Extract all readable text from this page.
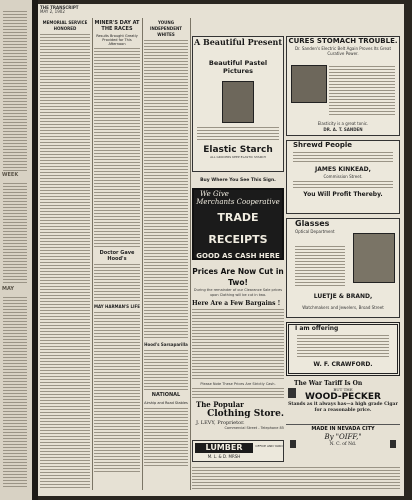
WEEK
MAY
THE TRANSCRIPT
MAY 2, 1902
MEMORIAL SERVICE HONORED
MINER'S DAY AT THE RACES
Results Brought Greatly Provided for This Afternoon
Doctor Gave Hood's
MAY HARMAN'S LIFE
YOUNG INDEPENDENT WHITES
Hood's Sarsaparilla
NATIONAL
Airship and Road Stables
A Beautiful Present
Beautiful Pastel Pictures
Elastic Starch
ALL GROCERS KEEP ELASTIC STARCH
CURES STOMACH TROUBLE.
Dr. Sanden's Electric Belt Again Proves Its Great Curative Power.
Elasticity is a great tonic.
DR. A. T. SANDEN
Shrewd People
JAMES KINKEAD,
Commission Street.
You Will Profit Thereby.
Buy Where You See This Sign.
We Give
Merchants Cooperative
TRADE RECEIPTS
GOOD AS CASH HERE
Glasses
Optical Department
LUETJE & BRAND,
Watchmakers and Jewelers, Broad Street
Prices Are Now Cut in Two!
During the remainder of our Clearance Sale prices upon Clothing will be cut in two.
Here Are a Few Bargains !
Please Note These Prices Are Strictly Cash.
The Popular
Clothing Store.
J. LEVY, Proprietor.
Commercial Street - Telephone 85
I am offering
W. F. CRAWFORD.
The War Tariff Is On
BUT THE
WOOD-PECKER
Stands as it always has—a high grade Cigar for a reasonable price.
MADE IN NEVADA CITY
By "OIFF,"
N. C. of Nd.
LUMBER
M. L. & D. MRSH
OFFICE AND YARD
